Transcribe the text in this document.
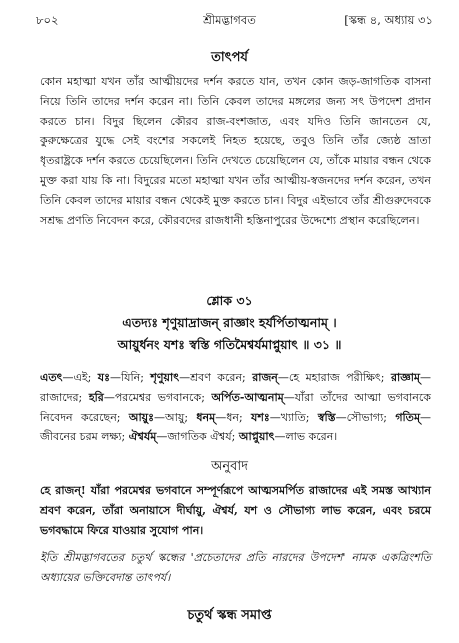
৮০২	শ্রীমদ্ভাগবত	[স্কন্ধ ৪, অধ্যায় ৩১
তাৎপর্য

কোন মহাত্মা যখন তাঁর আত্মীয়দের দর্শন করতে যান, তখন কোন জড়-জাগতিক বাসনা নিয়ে তিনি তাদের দর্শন করেন না। তিনি কেবল তাদের মঙ্গলের জন্য সৎ উপদেশ প্রদান করতে চান। বিদুর ছিলেন কৌরব রাজ-বংশজাত, এবং যদিও তিনি জানতেন যে, কুরুক্ষেত্রের যুদ্ধে সেই বংশের সকলেই নিহত হয়েছে, তবুও তিনি তাঁর জ্যেষ্ঠ ভ্রাতা ধৃতরাষ্ট্রকে দর্শন করতে চেয়েছিলেন। তিনি দেখতে চেয়েছিলেন যে, তাঁকে মায়ার বন্ধন থেকে মুক্ত করা যায় কি না। বিদুরের মতো মহাত্মা যখন তাঁর আত্মীয়-স্বজনদের দর্শন করেন, তখন তিনি কেবল তাদের মায়ার বন্ধন থেকেই মুক্ত করতে চান। বিদুর এইভাবে তাঁর শ্রীগুরুদেবকে সশ্রদ্ধ প্রণতি নিবেদন করে, কৌরবদের রাজধানী হস্তিনাপুরের উদ্দেশ্যে প্রস্থান করেছিলেন।

শ্লোক ৩১
এতদ্যঃ শৃণুয়াদ্রাজন্ রাজ্ঞাং হর্যর্পিতাত্মনাম্ ।
আয়ুর্ধনং যশঃ স্বস্তি গতিমৈশ্বর্যমাপ্নুয়াৎ ॥ ৩১ ॥

এতৎ—এই; যঃ—যিনি; শৃণুয়াৎ—শ্রবণ করেন; রাজন্—হে মহারাজ পরীক্ষিৎ; রাজ্ঞাম্—রাজাদের; হরি—পরমেশ্বর ভগবানকে; অর্পিত-আত্মনাম্—যাঁরা তাঁদের আত্মা ভগবানকে নিবেদন করেছেন; আয়ুঃ—আয়ু; ধনম্—ধন; যশঃ—খ্যাতি; স্বস্তি—সৌভাগ্য; গতিম্—জীবনের চরম লক্ষ্য; ঐশ্বর্যম্—জাগতিক ঐশ্বর্য; আপ্নুয়াৎ—লাভ করেন।

অনুবাদ

হে রাজন্! যাঁরা পরমেশ্বর ভগবানে সম্পূর্ণরূপে আত্মসমর্পিত রাজাদের এই সমস্ত আখ্যান শ্রবণ করেন, তাঁরা অনায়াসে দীর্ঘায়ু, ঐশ্বর্য, যশ ও সৌভাগ্য লাভ করেন, এবং চরমে ভগবদ্ধামে ফিরে যাওয়ার সুযোগ পান।

ইতি শ্রীমদ্ভাগবতের চতুর্থ স্কন্ধের 'প্রচেতাদের প্রতি নারদের উপদেশ' নামক একত্রিংশতি অধ্যায়ের ভক্তিবেদান্ত তাৎপর্য।

চতুর্থ স্কন্ধ সমাপ্ত
